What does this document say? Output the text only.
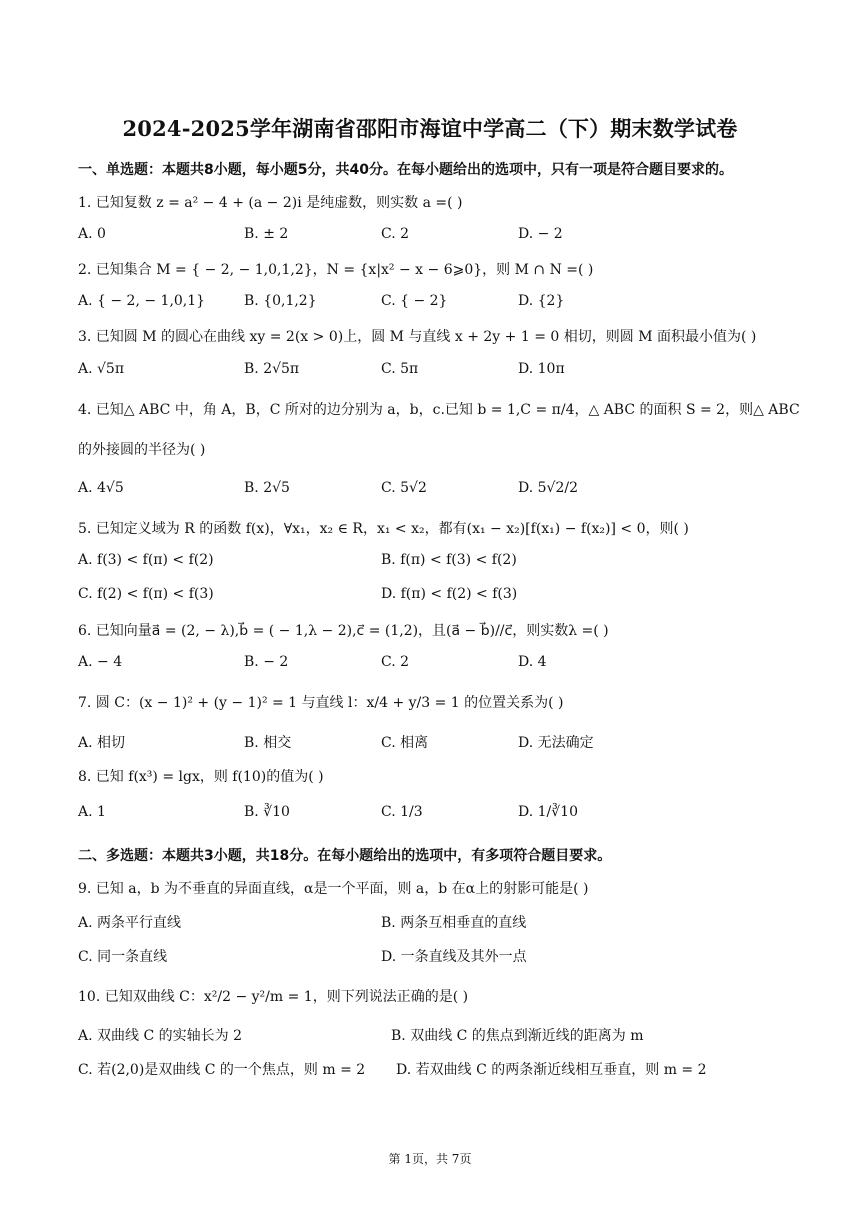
2024-2025学年湖南省邵阳市海谊中学高二（下）期末数学试卷
一、单选题：本题共8小题，每小题5分，共40分。在每小题给出的选项中，只有一项是符合题目要求的。
1. 已知复数 z = a² − 4 + (a − 2)i 是纯虚数，则实数 a =( )
A. 0	B. ± 2	C. 2	D. − 2
2. 已知集合 M = { − 2, − 1,0,1,2}，N = {x|x² − x − 6⩾0}，则 M ∩ N =( )
A. { − 2, − 1,0,1}	B. {0,1,2}	C. { − 2}	D. {2}
3. 已知圆 M 的圆心在曲线 xy = 2(x > 0)上，圆 M 与直线 x + 2y + 1 = 0 相切，则圆 M 面积最小值为( )
A. √5π	B. 2√5π	C. 5π	D. 10π
4. 已知△ ABC 中，角 A，B，C 所对的边分别为 a，b，c.已知 b = 1,C = π/4，△ ABC 的面积 S = 2，则△ ABC
的外接圆的半径为( )
A. 4√5	B. 2√5	C. 5√2	D. 5√2/2
5. 已知定义域为 R 的函数 f(x)，∀x₁，x₂ ∈ R，x₁ < x₂，都有(x₁ − x₂)[f(x₁) − f(x₂)] < 0，则( )
A. f(3) < f(π) < f(2)	B. f(π) < f(3) < f(2)
C. f(2) < f(π) < f(3)	D. f(π) < f(2) < f(3)
6. 已知向量a⃗ = (2, − λ),b⃗ = ( − 1,λ − 2),c⃗ = (1,2)，且(a⃗ − b⃗)//c⃗，则实数λ =( )
A. − 4	B. − 2	C. 2	D. 4
7. 圆 C：(x − 1)² + (y − 1)² = 1 与直线 l：x/4 + y/3 = 1 的位置关系为( )
A. 相切	B. 相交	C. 相离	D. 无法确定
8. 已知 f(x³) = lgx，则 f(10)的值为( )
A. 1	B. ∛10	C. 1/3	D. 1/∛10
二、多选题：本题共3小题，共18分。在每小题给出的选项中，有多项符合题目要求。
9. 已知 a，b 为不垂直的异面直线，α是一个平面，则 a，b 在α上的射影可能是( )
A. 两条平行直线	B. 两条互相垂直的直线
C. 同一条直线	D. 一条直线及其外一点
10. 已知双曲线 C：x²/2 − y²/m = 1，则下列说法正确的是( )
A. 双曲线 C 的实轴长为 2	B. 双曲线 C 的焦点到渐近线的距离为 m
C. 若(2,0)是双曲线 C 的一个焦点，则 m = 2 D. 若双曲线 C 的两条渐近线相互垂直，则 m = 2
第 1页，共 7页
